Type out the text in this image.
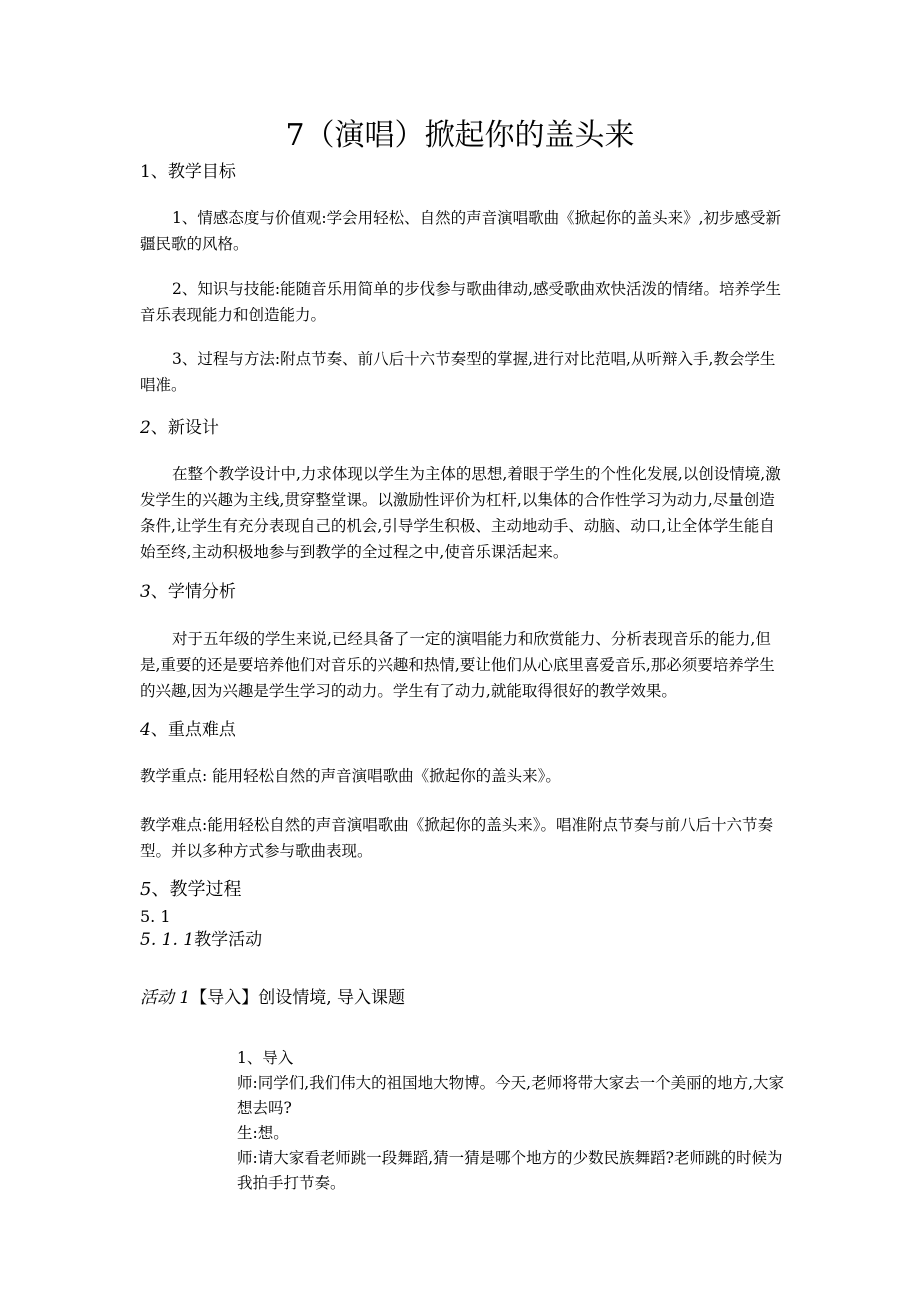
7（演唱）掀起你的盖头来
1、教学目标
1、情感态度与价值观:学会用轻松、自然的声音演唱歌曲《掀起你的盖头来》,初步感受新疆民歌的风格。
2、知识与技能:能随音乐用简单的步伐参与歌曲律动,感受歌曲欢快活泼的情绪。培养学生音乐表现能力和创造能力。
3、过程与方法:附点节奏、前八后十六节奏型的掌握,进行对比范唱,从听辩入手,教会学生唱准。
2、新设计
在整个教学设计中,力求体现以学生为主体的思想,着眼于学生的个性化发展,以创设情境,激发学生的兴趣为主线,贯穿整堂课。以激励性评价为杠杆,以集体的合作性学习为动力,尽量创造条件,让学生有充分表现自己的机会,引导学生积极、主动地动手、动脑、动口,让全体学生能自始至终,主动积极地参与到教学的全过程之中,使音乐课活起来。
3、学情分析
对于五年级的学生来说,已经具备了一定的演唱能力和欣赏能力、分析表现音乐的能力,但是,重要的还是要培养他们对音乐的兴趣和热情,要让他们从心底里喜爱音乐,那必须要培养学生的兴趣,因为兴趣是学生学习的动力。学生有了动力,就能取得很好的教学效果。
4、重点难点
教学重点: 能用轻松自然的声音演唱歌曲《掀起你的盖头来》。
教学难点:能用轻松自然的声音演唱歌曲《掀起你的盖头来》。唱准附点节奏与前八后十六节奏型。并以多种方式参与歌曲表现。
5、教学过程
5. 1
5. 1. 1教学活动
活动 1【导入】创设情境, 导入课题
1、导入
师:同学们,我们伟大的祖国地大物博。今天,老师将带大家去一个美丽的地方,大家想去吗?
生:想。
师:请大家看老师跳一段舞蹈,猜一猜是哪个地方的少数民族舞蹈?老师跳的时候为我拍手打节奏。
